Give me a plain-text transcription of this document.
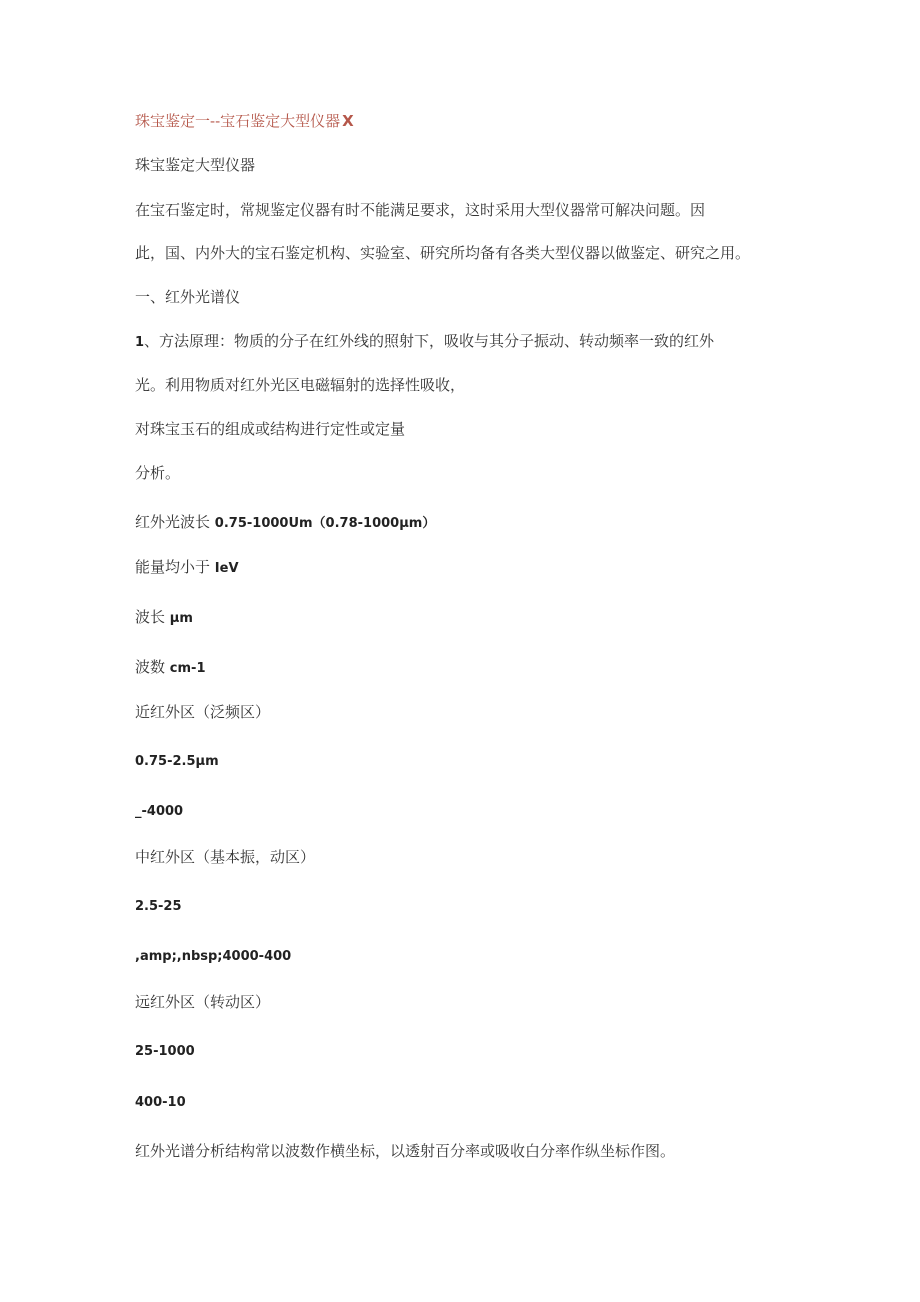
珠宝鉴定一--宝石鉴定大型仪器 X

珠宝鉴定大型仪器

在宝石鉴定时，常规鉴定仪器有时不能满足要求，这时采用大型仪器常可解决问题。因

此，国、内外大的宝石鉴定机构、实验室、研究所均备有各类大型仪器以做鉴定、研究之用。

一、红外光谱仪

1、方法原理：物质的分子在红外线的照射下，吸收与其分子振动、转动频率一致的红外

光。利用物质对红外光区电磁辐射的选择性吸收，

对珠宝玉石的组成或结构进行定性或定量

分析。

红外光波长 0.75-1000Um（0.78-1000μm）

能量均小于 IeV

波长 μm

波数 cm-1

近红外区（泛频区）

0.75-2.5μm

_-4000

中红外区（基本振，动区）

2.5-25

,amp;,nbsp;4000-400

远红外区（转动区）

25-1000

400-10

红外光谱分析结构常以波数作横坐标，以透射百分率或吸收白分率作纵坐标作图。
